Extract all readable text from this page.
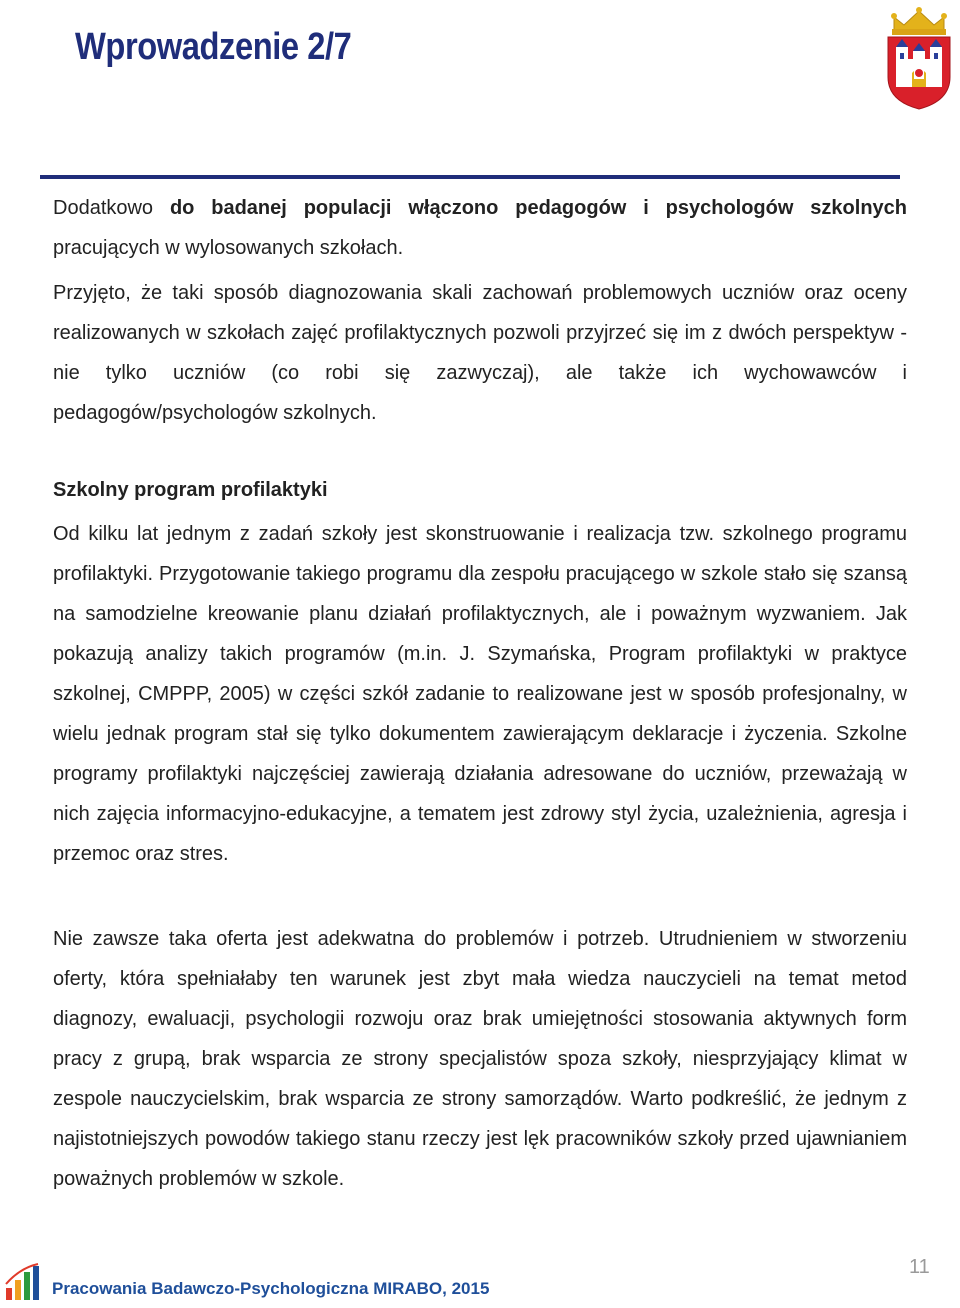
Wprowadzenie 2/7

Dodatkowo do badanej populacji włączono pedagogów i psychologów szkolnych pracujących w wylosowanych szkołach.

Przyjęto, że taki sposób diagnozowania skali zachowań problemowych uczniów oraz oceny realizowanych w szkołach zajęć profilaktycznych pozwoli przyjrzeć się im z dwóch perspektyw - nie tylko uczniów (co robi się zazwyczaj), ale także ich wychowawców i pedagogów/psychologów szkolnych.

Szkolny program profilaktyki

Od kilku lat jednym z zadań szkoły jest skonstruowanie i realizacja tzw. szkolnego programu profilaktyki. Przygotowanie takiego programu dla zespołu pracującego w szkole stało się szansą na samodzielne kreowanie planu działań profilaktycznych, ale i poważnym wyzwaniem. Jak pokazują analizy takich programów (m.in. J. Szymańska, Program profilaktyki w praktyce szkolnej, CMPPP, 2005) w części szkół zadanie to realizowane jest w sposób profesjonalny, w wielu jednak program stał się tylko dokumentem zawierającym deklaracje i życzenia. Szkolne programy profilaktyki najczęściej zawierają działania adresowane do uczniów, przeważają w nich zajęcia informacyjno-edukacyjne, a tematem jest zdrowy styl życia, uzależnienia, agresja i przemoc oraz stres.

Nie zawsze taka oferta jest adekwatna do problemów i potrzeb. Utrudnieniem w stworzeniu oferty, która spełniałaby ten warunek jest zbyt mała wiedza nauczycieli na temat metod diagnozy, ewaluacji, psychologii rozwoju oraz brak umiejętności stosowania aktywnych form pracy z grupą, brak wsparcia ze strony specjalistów spoza szkoły, niesprzyjający klimat w zespole nauczycielskim, brak wsparcia ze strony samorządów. Warto podkreślić, że jednym z najistotniejszych powodów takiego stanu rzeczy jest lęk pracowników szkoły przed ujawnianiem poważnych problemów w szkole.

Pracowania Badawczo-Psychologiczna MIRABO, 2015
11
